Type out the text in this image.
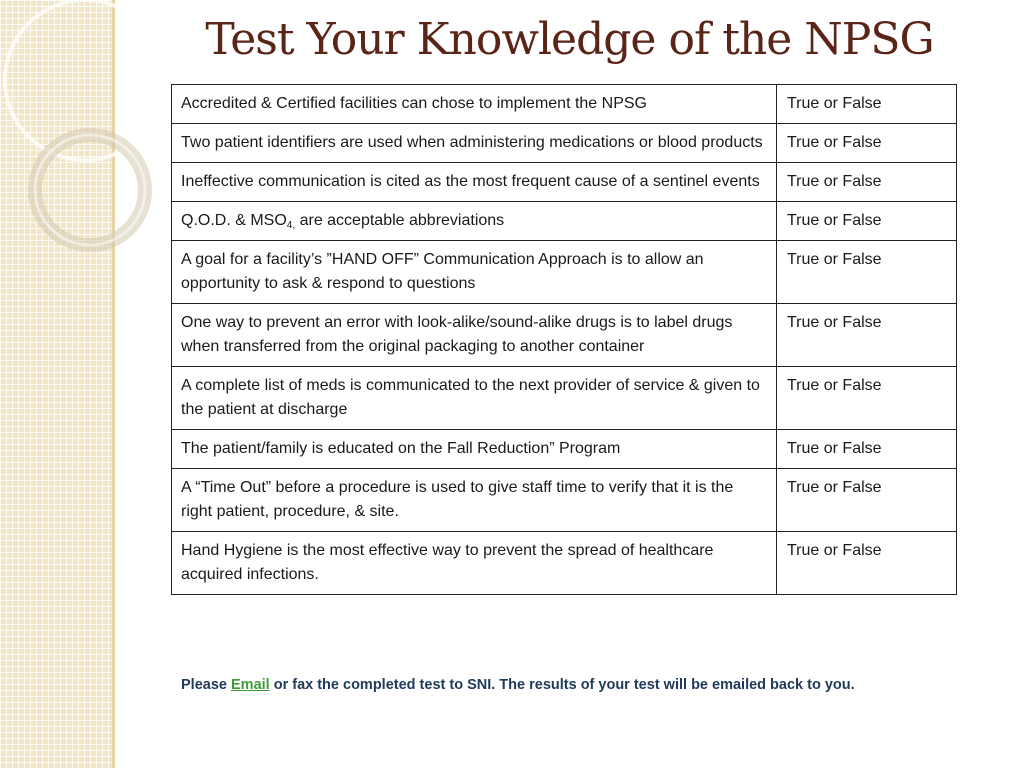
Test Your Knowledge of the NPSG
Accredited & Certified facilities can chose to implement the NPSG	True or False
Two patient identifiers are used when administering medications or blood products	True or False
Ineffective communication is cited as the most frequent cause of a sentinel events	True or False
Q.O.D. & $MSO_{4,}$ are acceptable abbreviations	True or False
A goal for a facility’s ”HAND OFF” Communication Approach is to allow an opportunity to ask & respond to questions	True or False
One way to prevent an error with look-alike/sound-alike drugs is to label drugs when transferred from the original packaging to another container	True or False
A complete list of meds is communicated to the next provider of service & given to the patient at discharge	True or False
The patient/family is educated on the Fall Reduction” Program	True or False
A “Time Out” before a procedure is used to give staff time to verify that it is the right patient, procedure, & site.	True or False
Hand Hygiene is the most effective way to prevent the spread of healthcare acquired infections.	True or False
Please Email or fax the completed test to SNI. The results of your test will be emailed back to you.
